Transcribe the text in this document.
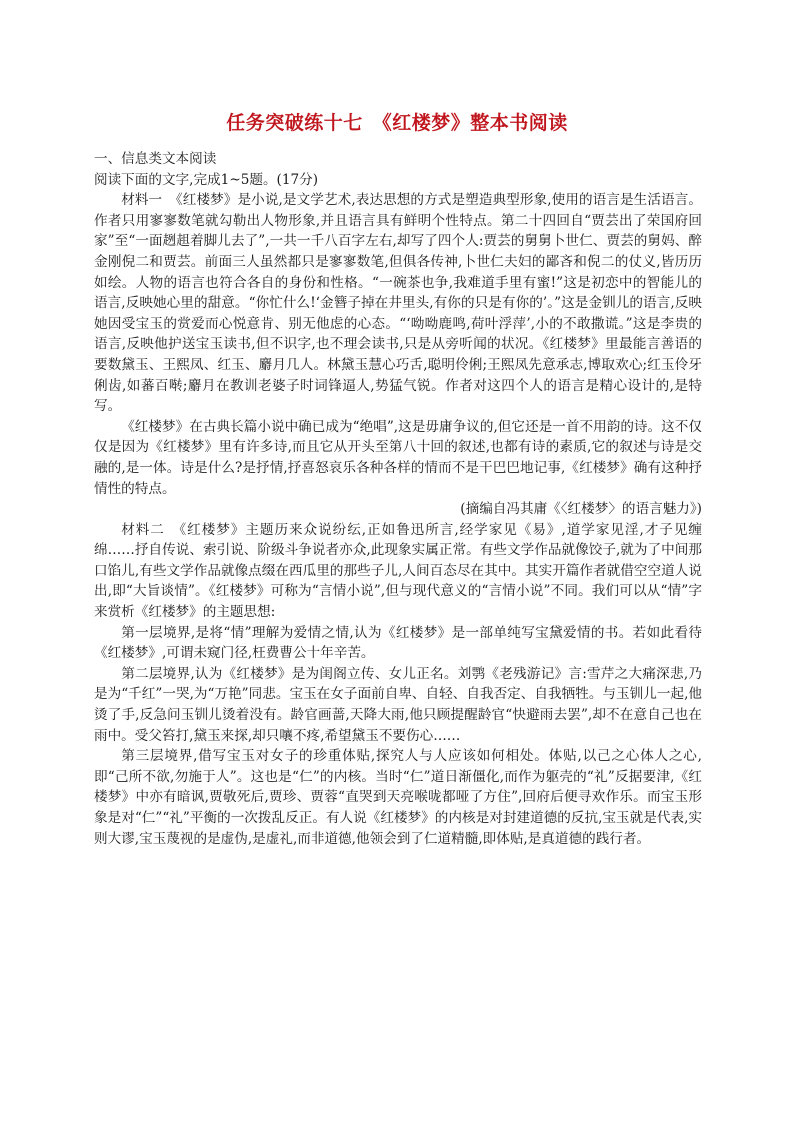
任务突破练十七　《红楼梦》整本书阅读

一、信息类文本阅读

阅读下面的文字,完成1~5题。(17分)

材料一　《红楼梦》是小说,是文学艺术,表达思想的方式是塑造典型形象,使用的语言是生活语言。作者只用寥寥数笔就勾勒出人物形象,并且语言具有鲜明个性特点。第二十四回自“贾芸出了荣国府回家”至“一面趔趄着脚儿去了”,一共一千八百字左右,却写了四个人:贾芸的舅舅卜世仁、贾芸的舅妈、醉金刚倪二和贾芸。前面三人虽然都只是寥寥数笔,但俱各传神,卜世仁夫妇的鄙吝和倪二的仗义,皆历历如绘。人物的语言也符合各自的身份和性格。“一碗茶也争,我难道手里有蜜!”这是初恋中的智能儿的语言,反映她心里的甜意。“你忙什么!‘金簪子掉在井里头,有你的只是有你的’。”这是金钏儿的语言,反映她因受宝玉的赏爱而心悦意肯、别无他虑的心态。“‘呦呦鹿鸣,荷叶浮萍’,小的不敢撒谎。”这是李贵的语言,反映他护送宝玉读书,但不识字,也不理会读书,只是从旁听闻的状况。《红楼梦》里最能言善语的要数黛玉、王熙凤、红玉、麝月几人。林黛玉慧心巧舌,聪明伶俐;王熙凤先意承志,博取欢心;红玉伶牙俐齿,如蕃百啭;麝月在教训老婆子时词锋逼人,势猛气锐。作者对这四个人的语言是精心设计的,是特写。

《红楼梦》在古典长篇小说中确已成为“绝唱”,这是毋庸争议的,但它还是一首不用韵的诗。这不仅仅是因为《红楼梦》里有许多诗,而且它从开头至第八十回的叙述,也都有诗的素质,它的叙述与诗是交融的,是一体。诗是什么?是抒情,抒喜怒哀乐各种各样的情而不是干巴巴地记事,《红楼梦》确有这种抒情性的特点。

(摘编自冯其庸《〈红楼梦〉的语言魅力》)

材料二　《红楼梦》主题历来众说纷纭,正如鲁迅所言,经学家见《易》,道学家见淫,才子见缠绵……抒自传说、索引说、阶级斗争说者亦众,此现象实属正常。有些文学作品就像饺子,就为了中间那口馅儿,有些文学作品就像点缀在西瓜里的那些子儿,人间百态尽在其中。其实开篇作者就借空空道人说出,即“大旨谈情”。《红楼梦》可称为“言情小说”,但与现代意义的“言情小说”不同。我们可以从“情”字来赏析《红楼梦》的主题思想:

第一层境界,是将“情”理解为爱情之情,认为《红楼梦》是一部单纯写宝黛爱情的书。若如此看待《红楼梦》,可谓未窥门径,枉费曹公十年辛苦。

第二层境界,认为《红楼梦》是为闺阁立传、女儿正名。刘鹗《老残游记》言:雪芹之大痛深悲,乃是为“千红”一哭,为“万艳”同悲。宝玉在女子面前自卑、自轻、自我否定、自我牺牲。与玉钏儿一起,他烫了手,反急问玉钏儿烫着没有。龄官画蔷,天降大雨,他只顾提醒龄官“快避雨去罢”,却不在意自己也在雨中。受父笞打,黛玉来探,却只嚷不疼,希望黛玉不要伤心……

第三层境界,借写宝玉对女子的珍重体贴,探究人与人应该如何相处。体贴,以己之心体人之心,即“己所不欲,勿施于人”。这也是“仁”的内核。当时“仁”道日渐僵化,而作为躯壳的“礼”反据要津,《红楼梦》中亦有暗讽,贾敬死后,贾珍、贾蓉“直哭到天亮喉咙都哑了方住”,回府后便寻欢作乐。而宝玉形象是对“仁”“礼”平衡的一次拨乱反正。有人说《红楼梦》的内核是对封建道德的反抗,宝玉就是代表,实则大谬,宝玉蔑视的是虚伪,是虚礼,而非道德,他领会到了仁道精髓,即体贴,是真道德的践行者。
